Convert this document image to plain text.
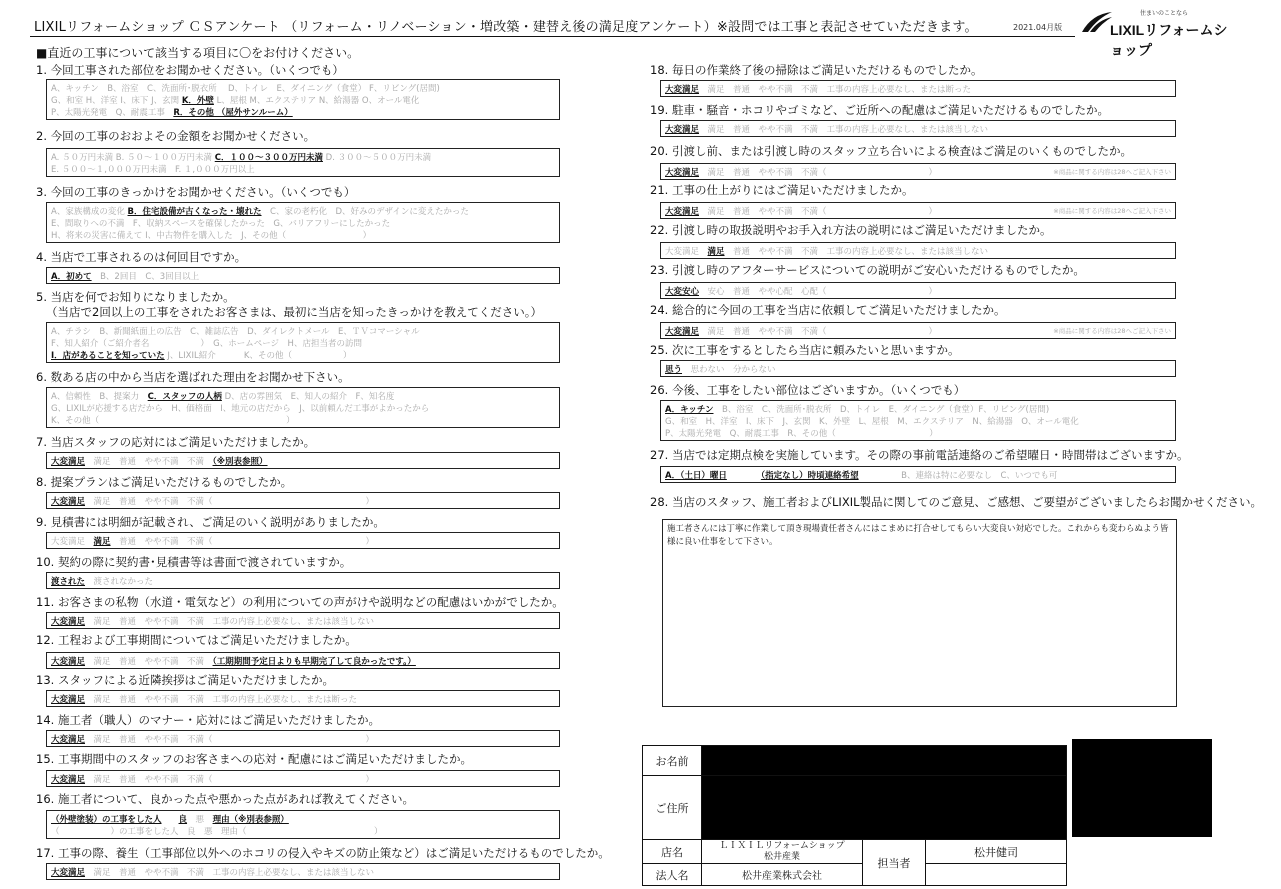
LIXILリフォームショップ ＣＳアンケート （リフォーム・リノベーション・増改築・建替え後の満足度アンケート）※設問では工事と表記させていただきます。	2021.04月版
住まいのことなら
LIXILリフォームショップ
■直近の工事について該当する項目に〇をお付けください。
1. 今回工事された部位をお聞かせください。（いくつでも）
A、キッチン　B、浴室　C、洗面所･脱衣所　 D、トイレ　E、ダイニング（食堂） F、リビング(居間)
G、和室 H、洋室 I、床下 J、玄関 K．外壁 L、屋根 M、エクステリア N、給湯器 O、オール電化
P、太陽光発電　Q、耐震工事　R．その他 （屋外サンルーム）
2. 今回の工事のおおよその金額をお聞かせください。
A. ５０万円未満 B. ５０～１００万円未満 C．１００～３００万円未満 D. ３００～５００万円未満
E. ５００～１,０００万円未満　F. １,０００万円以上
3. 今回の工事のきっかけをお聞かせください。（いくつでも）
A、家族構成の変化 B．住宅設備が古くなった・壊れた　C、家の老朽化　D、好みのデザインに変えたかった
E、間取りへの不満　F、収納スペースを確保したかった　G、バリアフリーにしたかった
H、将来の災害に備えて I、中古物件を購入した　J、その他（　　　　　　　　　）
4. 当店で工事されるのは何回目ですか。
A．初めて　B、2回目　C、3回目以上
5. 当店を何でお知りになりましたか。
（当店で2回以上の工事をされたお客さまは、最初に当店を知ったきっかけを教えてください。）
A、チラシ　B、新聞紙面上の広告　C、雑誌広告　D、ダイレクトメール　E、ＴＶコマーシャル
F、知人紹介（ご紹介者名　　　　　　）　G、ホームページ　H、店担当者の訪問
I．店があることを知っていた J、LIXIL紹介　　　 K、その他（　　　　　　）
6. 数ある店の中から当店を選ばれた理由をお聞かせ下さい。
A、信頼性　B、提案力　C．スタッフの人柄 D、店の雰囲気　E、知人の紹介　F、知名度
G、LIXILが応援する店だから　H、価格面　I、地元の店だから　J、以前頼んだ工事がよかったから
K、その他（　　　　　　　　　　　　　　　　　　　　　　）
7. 当店スタッフの応対にはご満足いただけましたか。
大変満足　満足　普通　やや不満　不満　（※別表参照）
8. 提案プランはご満足いただけるものでしたか。
大変満足　満足　普通　やや不満　不満（　　　　　　　　　　　　　　　　　　）
9. 見積書には明細が記載され、ご満足のいく説明がありましたか。
大変満足　満足　普通　やや不満　不満（　　　　　　　　　　　　　　　　　　）
10. 契約の際に契約書･見積書等は書面で渡されていますか。
渡された　渡されなかった
11. お客さまの私物（水道・電気など）の利用についての声がけや説明などの配慮はいかがでしたか。
大変満足　満足　普通　やや不満　不満　工事の内容上必要なし、または該当しない
12. 工程および工事期間についてはご満足いただけましたか。
大変満足　満足　普通　やや不満　不満　（工期期間予定日よりも早期完了して良かったです。）
13. スタッフによる近隣挨拶はご満足いただけましたか。
大変満足　満足　普通　やや不満　不満　工事の内容上必要なし、または断った
14. 施工者（職人）のマナー・応対にはご満足いただけましたか。
大変満足　満足　普通　やや不満　不満（　　　　　　　　　　　　　　　　　　）
15. 工事期間中のスタッフのお客さまへの応対・配慮にはご満足いただけましたか。
大変満足　満足　普通　やや不満　不満（　　　　　　　　　　　　　　　　　　）
16. 施工者について、良かった点や悪かった点があれば教えてください。
（外壁塗装）の工事をした人　　 良　悪　理由（※別表参照）
（　　　　　　）の工事をした人　良　悪　理由（　　　　　　　　　　　　　　　）
17. 工事の際、養生（工事部位以外へのホコリの侵入やキズの防止策など）はご満足いただけるものでしたか。
大変満足　満足　普通　やや不満　不満　工事の内容上必要なし、または該当しない
18. 毎日の作業終了後の掃除はご満足いただけるものでしたか。
大変満足　満足　普通　やや不満　不満　工事の内容上必要なし、または断った
19. 駐車・騒音・ホコリやゴミなど、ご近所への配慮はご満足いただけるものでしたか。
大変満足　満足　普通　やや不満　不満　工事の内容上必要なし、または該当しない
20. 引渡し前、または引渡し時のスタッフ立ち合いによる検査はご満足のいくものでしたか。
大変満足　満足　普通　やや不満　不満（　　　　　　　　　　　　）	※商品に関する内容は28へご記入下さい
21. 工事の仕上がりにはご満足いただけましたか。
大変満足　満足　普通　やや不満　不満（　　　　　　　　　　　　）	※商品に関する内容は28へご記入下さい
22. 引渡し時の取扱説明やお手入れ方法の説明にはご満足いただけましたか。
大変満足　満足　普通　やや不満　不満　工事の内容上必要なし、または該当しない
23. 引渡し時のアフターサービスについての説明がご安心いただけるものでしたか。
大変安心　安心　普通　やや心配　心配（　　　　　　　　　　　　）
24. 総合的に今回の工事を当店に依頼してご満足いただけましたか。
大変満足　満足　普通　やや不満　不満（　　　　　　　　　　　　）	※商品に関する内容は28へご記入下さい
25. 次に工事をするとしたら当店に頼みたいと思いますか。
思う　思わない　分からない
26. 今後、工事をしたい部位はございますか。（いくつでも）
A．キッチン　B、浴室　C、洗面所･脱衣所　D、トイレ　E、ダイニング（食堂）F、リビング(居間)
G、和室　H、洋室　I、床下　J、玄関　K、外壁　L、屋根　M、エクステリア　N、給湯器　O、オール電化
P、太陽光発電　Q、耐震工事　R、その他（　　　　　　　　　　　）
27. 当店では定期点検を実施しています。その際の事前電話連絡のご希望曜日・時間帯はございますか。
A．（土日）曜日　　　　	（指定なし）時頃連絡希望　　　　　B、連絡は特に必要なし　C、いつでも可
28. 当店のスタッフ、施工者およびLIXIL製品に関してのご意見、ご感想、ご要望がございましたらお聞かせください。
施工者さんには丁寧に作業して頂き現場責任者さんにはこまめに打合せしてもらい大変良い対応でした。これからも変わらぬよう皆様に良い仕事をして下さい。
お名前			
ご住所			
店名	ＬＩＸＩＬリフォームショップ
松井産業	担当者	松井健司
法人名	松井産業株式会社		
